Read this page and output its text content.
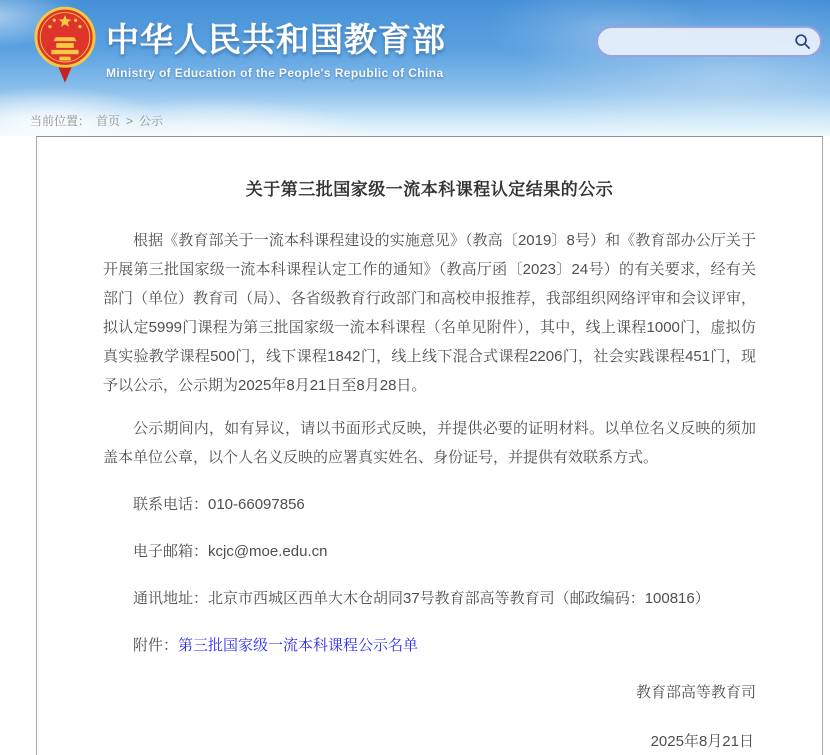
中华人民共和国教育部
Ministry of Education of the People's Republic of China
当前位置： 首页 > 公示
关于第三批国家级一流本科课程认定结果的公示

根据《教育部关于一流本科课程建设的实施意见》（教高〔2019〕8号）和《教育部办公厅关于开展第三批国家级一流本科课程认定工作的通知》（教高厅函〔2023〕24号）的有关要求，经有关部门（单位）教育司（局）、各省级教育行政部门和高校申报推荐，我部组织网络评审和会议评审，拟认定5999门课程为第三批国家级一流本科课程（名单见附件），其中，线上课程1000门，虚拟仿真实验教学课程500门，线下课程1842门，线上线下混合式课程2206门，社会实践课程451门，现予以公示，公示期为2025年8月21日至8月28日。

公示期间内，如有异议，请以书面形式反映，并提供必要的证明材料。以单位名义反映的须加盖本单位公章，以个人名义反映的应署真实姓名、身份证号，并提供有效联系方式。

联系电话：010-66097856

电子邮箱：kcjc@moe.edu.cn

通讯地址：北京市西城区西单大木仓胡同37号教育部高等教育司（邮政编码：100816）

附件：第三批国家级一流本科课程公示名单

教育部高等教育司

2025年8月21日
